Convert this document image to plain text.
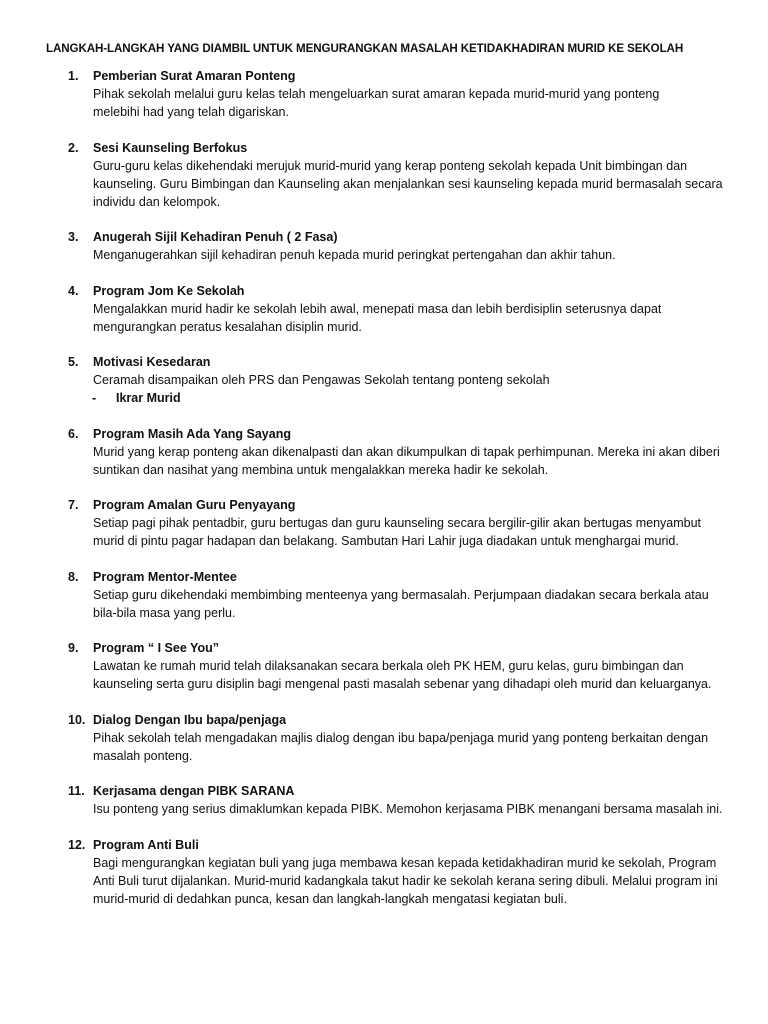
LANGKAH-LANGKAH YANG DIAMBIL UNTUK MENGURANGKAN MASALAH KETIDAKHADIRAN MURID KE SEKOLAH
1. Pemberian Surat Amaran Ponteng
Pihak sekolah melalui guru kelas telah mengeluarkan surat amaran kepada murid-murid yang ponteng melebihi had yang telah digariskan.
2. Sesi Kaunseling Berfokus
Guru-guru kelas dikehendaki merujuk murid-murid yang kerap ponteng sekolah kepada Unit bimbingan dan kaunseling. Guru Bimbingan dan Kaunseling akan menjalankan sesi kaunseling kepada murid bermasalah secara individu dan kelompok.
3. Anugerah Sijil Kehadiran Penuh ( 2 Fasa)
Menganugerahkan sijil kehadiran penuh kepada murid peringkat pertengahan dan akhir tahun.
4. Program Jom Ke Sekolah
Mengalakkan murid hadir ke sekolah lebih awal, menepati masa dan lebih berdisiplin seterusnya dapat mengurangkan peratus kesalahan disiplin murid.
5. Motivasi Kesedaran
Ceramah disampaikan oleh PRS dan Pengawas Sekolah tentang ponteng sekolah
- Ikrar Murid
6. Program Masih Ada Yang Sayang
Murid yang kerap ponteng akan dikenalpasti dan akan dikumpulkan di tapak perhimpunan. Mereka ini akan diberi suntikan dan nasihat yang membina untuk mengalakkan mereka hadir ke sekolah.
7. Program Amalan Guru Penyayang
Setiap pagi pihak pentadbir, guru bertugas dan guru kaunseling secara bergilir-gilir akan bertugas menyambut murid di pintu pagar hadapan dan belakang. Sambutan Hari Lahir juga diadakan untuk menghargai murid.
8. Program Mentor-Mentee
Setiap guru dikehendaki membimbing menteenya yang bermasalah. Perjumpaan diadakan secara berkala atau bila-bila masa yang perlu.
9. Program “ I See You”
Lawatan ke rumah murid telah dilaksanakan secara berkala oleh PK HEM, guru kelas, guru bimbingan dan kaunseling serta guru disiplin bagi mengenal pasti masalah sebenar yang dihadapi oleh murid dan keluarganya.
10. Dialog Dengan Ibu bapa/penjaga
Pihak sekolah telah mengadakan majlis dialog dengan ibu bapa/penjaga murid yang ponteng berkaitan dengan masalah ponteng.
11. Kerjasama dengan PIBK SARANA
Isu ponteng yang serius dimaklumkan kepada PIBK. Memohon kerjasama PIBK menangani bersama masalah ini.
12. Program Anti Buli
Bagi mengurangkan kegiatan buli yang juga membawa kesan kepada ketidakhadiran murid ke sekolah, Program Anti Buli turut dijalankan. Murid-murid kadangkala takut hadir ke sekolah kerana sering dibuli. Melalui program ini murid-murid di dedahkan punca, kesan dan langkah-langkah mengatasi kegiatan buli.
